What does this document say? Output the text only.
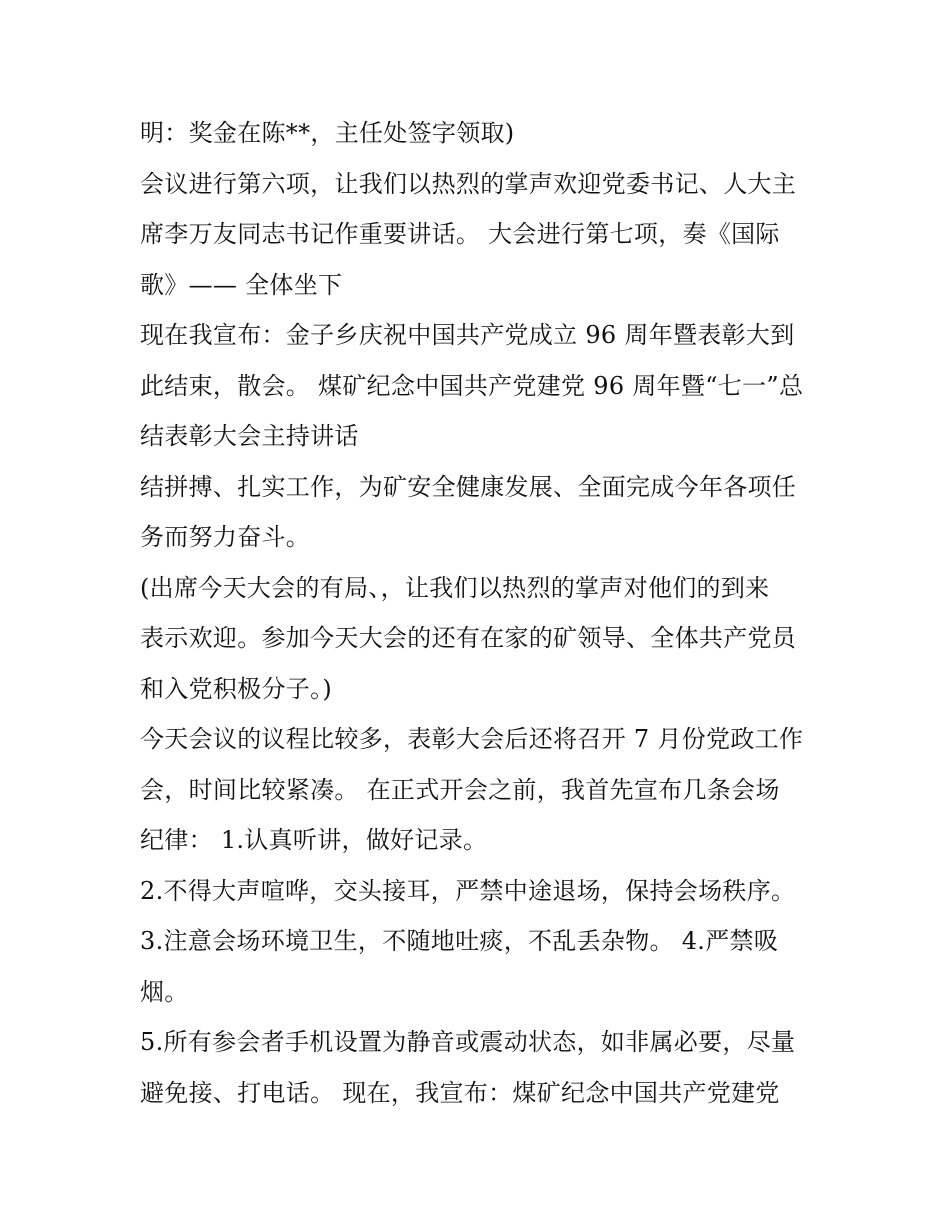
明：奖金在陈**，主任处签字领取)
会议进行第六项，让我们以热烈的掌声欢迎党委书记、人大主
席李万友同志书记作重要讲话。 大会进行第七项，奏《国际
歌》—— 全体坐下
现在我宣布：金子乡庆祝中国共产党成立 96 周年暨表彰大到
此结束，散会。 煤矿纪念中国共产党建党 96 周年暨“七一”总
结表彰大会主持讲话
结拼搏、扎实工作，为矿安全健康发展、全面完成今年各项任
务而努力奋斗。
(出席今天大会的有局、，让我们以热烈的掌声对他们的到来
表示欢迎。参加今天大会的还有在家的矿领导、全体共产党员
和入党积极分子。)
今天会议的议程比较多，表彰大会后还将召开 7 月份党政工作
会，时间比较紧凑。 在正式开会之前，我首先宣布几条会场
纪律： 1.认真听讲，做好记录。
2.不得大声喧哗，交头接耳，严禁中途退场，保持会场秩序。
3.注意会场环境卫生，不随地吐痰，不乱丢杂物。 4.严禁吸
烟。
5.所有参会者手机设置为静音或震动状态，如非属必要，尽量
避免接、打电话。 现在，我宣布：煤矿纪念中国共产党建党
